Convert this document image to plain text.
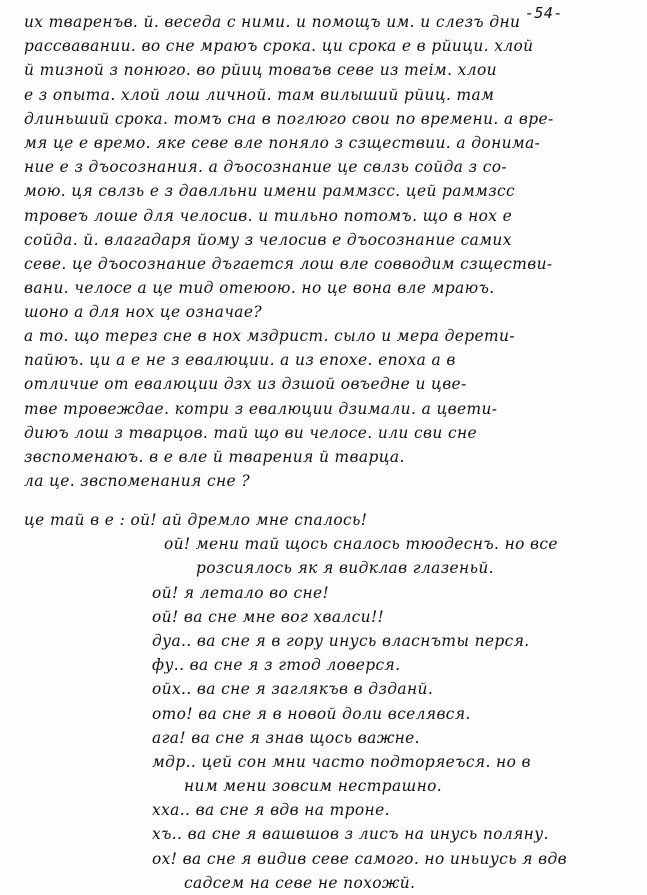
-54-
их тваренъв. й. веседа с ними. и помощъ им. и слезъ дни
рассвавании. во сне мраюъ срока. ци срока е в рйици. хлой
й тизной з понюго. во рйиц товаъв севе из теім. хлои
е з опыта. хлой лош личной. там вилыший рйиц. там
длиньший срока. томъ сна в поглюго свои по времени. а вре-
мя це е времо. яке севе вле поняло з сзществии. а донима-
ние е з дъосознания. а дъосознание це свлзь сойда з со-
мою. ця свлзь е з давлльни имени раммзсс. цей раммзсс
тровеъ лоше для челосив. и тильно потомъ. що в нох е
сойда. й. влагадаря йому з челосив е дъосознание самих
севе. це дъосознание дъгается лош вле совводим сзществи-
вани. челосе а це тид отеюою. но це вона вле мраюъ.
шоно а для нох це означае?
а то. що терез сне в нох мздрист. сыло и мера дерети-
пайюъ. ци а е не з евалюции. а из епохе. епоха а в
отличие от евалюции дзх из дзшой овъедне и цве-
тве тровеждае. котри з евалюции дзимали. а цвети-
диюъ лош з тварцов. тай що ви челосе. или сви сне
звспоменаюъ. в е вле й тварения й тварца.
ла це. звспоменания сне ?
це тай в е : ой! ай дремло мне спалось!
ой! мени тай щось сналось тюодеснъ. но все
розсиялось як я видклав глазеньй.
ой! я летало во сне!
ой! ва сне мне вог хвалси!!
дуа.. ва сне я в гору инусь власнъты перся.
фу.. ва сне я з гтод ловерся.
ойх.. ва сне я заглякъв в дзданй.
ото! ва сне я в новой доли вселявся.
ага! ва сне я знав щось важне.
мдр.. цей сон мни часто подторяеъся. но в
ним мени зовсим нестрашно.
хха.. ва сне я вдв на троне.
хъ.. ва сне я вашвшов з лисъ на инусь поляну.
ох! ва сне я видив севе самого. но иньиусь я вдв
садсем на севе не похожй.
